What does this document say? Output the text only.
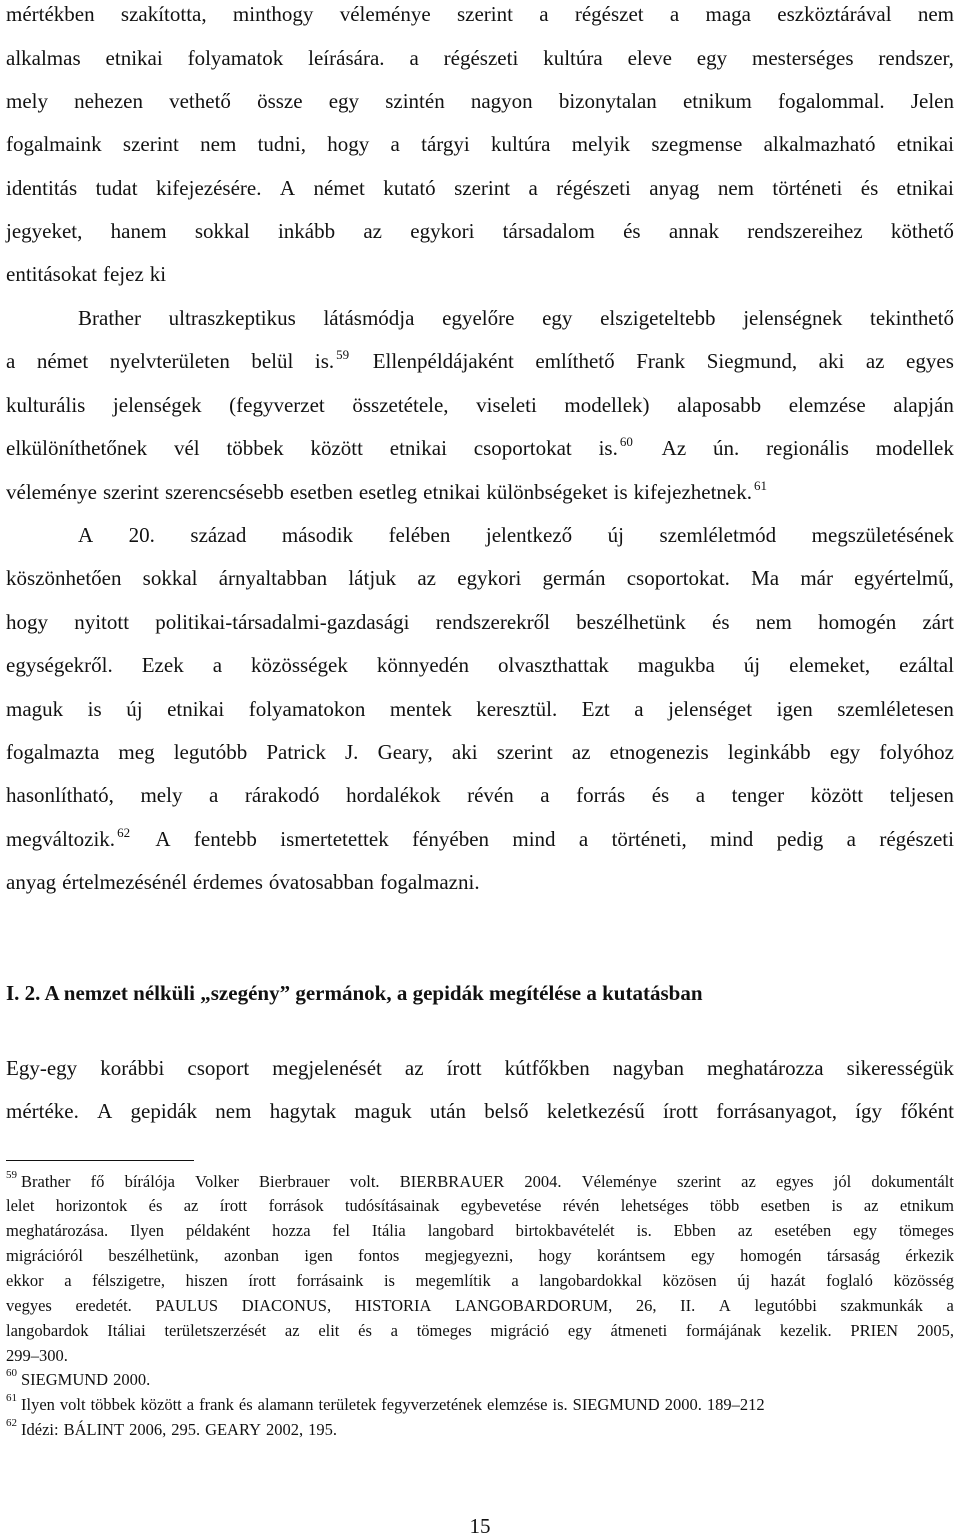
mértékben szakította, minthogy véleménye szerint a régészet a maga eszköztárával nem
alkalmas etnikai folyamatok leírására. a régészeti kultúra eleve egy mesterséges rendszer,
mely nehezen vethető össze egy szintén nagyon bizonytalan etnikum fogalommal. Jelen
fogalmaink szerint nem tudni, hogy a tárgyi kultúra melyik szegmense alkalmazható etnikai
identitás tudat kifejezésére. A német kutató szerint a régészeti anyag nem történeti és etnikai
jegyeket, hanem sokkal inkább az egykori társadalom és annak rendszereihez köthető
entitásokat fejez ki
Brather ultraszkeptikus látásmódja egyelőre egy elszigeteltebb jelenségnek tekinthető
a német nyelvterületen belül is. $^{59}$ Ellenpéldájaként említhető Frank Siegmund, aki az egyes
kulturális jelenségek (fegyverzet összetétele, viseleti modellek) alaposabb elemzése alapján
elkülöníthetőnek vél többek között etnikai csoportokat is. $^{60}$ Az ún. regionális modellek
véleménye szerint szerencsésebb esetben esetleg etnikai különbségeket is kifejezhetnek. $^{61}$
A 20. század második felében jelentkező új szemléletmód megszületésének
köszönhetően sokkal árnyaltabban látjuk az egykori germán csoportokat. Ma már egyértelmű,
hogy nyitott politikai-társadalmi-gazdasági rendszerekről beszélhetünk és nem homogén zárt
egységekről. Ezek a közösségek könnyedén olvaszthattak magukba új elemeket, ezáltal
maguk is új etnikai folyamatokon mentek keresztül. Ezt a jelenséget igen szemléletesen
fogalmazta meg legutóbb Patrick J. Geary, aki szerint az etnogenezis leginkább egy folyóhoz
hasonlítható, mely a rárakodó hordalékok révén a forrás és a tenger között teljesen
megváltozik. $^{62}$ A fentebb ismertetettek fényében mind a történeti, mind pedig a régészeti
anyag értelmezésénél érdemes óvatosabban fogalmazni.
Egy-egy korábbi csoport megjelenését az írott kútfőkben nagyban meghatározza sikerességük
mértéke. A gepidák nem hagytak maguk után belső keletkezésű írott forrásanyagot, így főként
I. 2. A nemzet nélküli „szegény” germánok, a gepidák megítélése a kutatásban
$^{59}$ Brather fő bírálója Volker Bierbrauer volt. BIERBRAUER 2004. Véleménye szerint az egyes jól dokumentált
lelet horizontok és az írott források tudósításainak egybevetése révén lehetséges több esetben is az etnikum
meghatározása. Ilyen példaként hozza fel Itália langobard birtokbavételét is. Ebben az esetében egy tömeges
migrációról beszélhetünk, azonban igen fontos megjegyezni, hogy korántsem egy homogén társaság érkezik
ekkor a félszigetre, hiszen írott forrásaink is megemlítik a langobardokkal közösen új hazát foglaló közösség
vegyes eredetét. PAULUS DIACONUS, HISTORIA LANGOBARDORUM, 26, II. A legutóbbi szakmunkák a
langobardok Itáliai területszerzését az elit és a tömeges migráció egy átmeneti formájának kezelik. PRIEN 2005,
299–300.
$^{60}$ SIEGMUND 2000.
$^{61}$ Ilyen volt többek között a frank és alamann területek fegyverzetének elemzése is. SIEGMUND 2000. 189–212
$^{62}$ Idézi: BÁLINT 2006, 295. GEARY 2002, 195.
15
